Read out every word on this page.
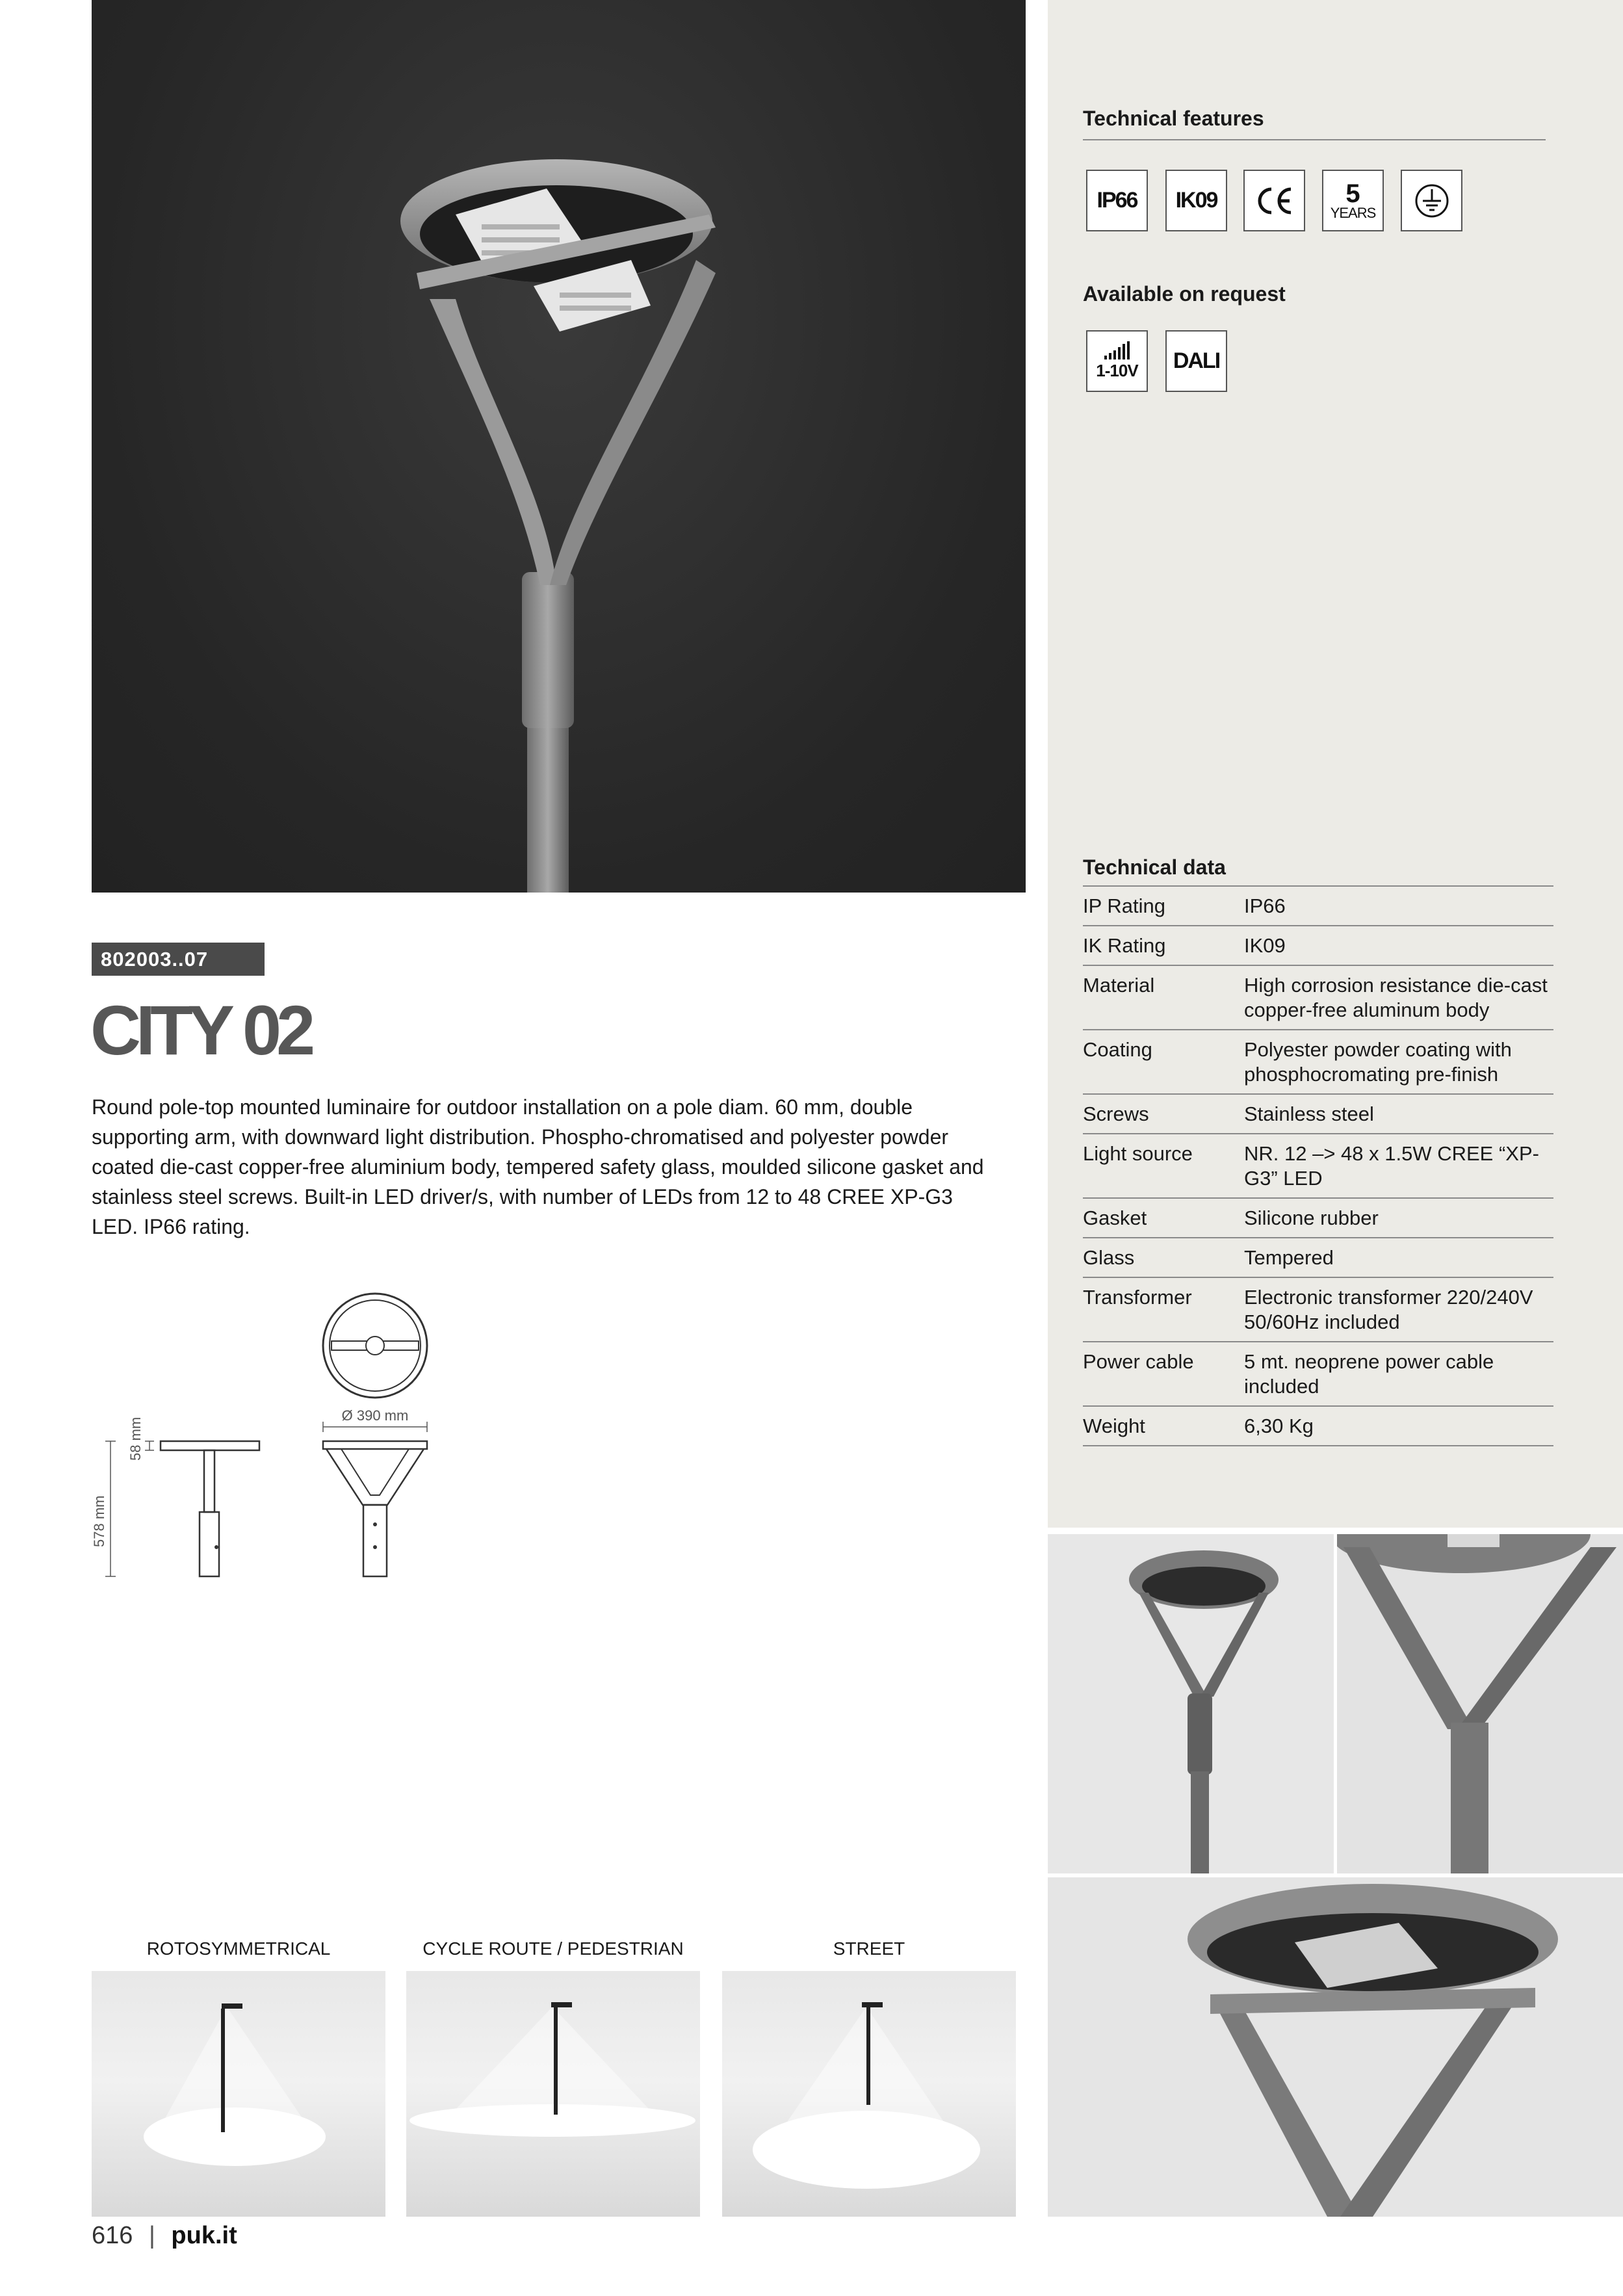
Technical features
IP66 IK09	5
YEARS
Available on request
1-10V DALI
Technical data
IP Rating	IP66
IK Rating	IK09
Material	High corrosion resistance die-cast copper-free aluminum body
Coating	Polyester powder coating with phosphocromating pre-finish
Screws	Stainless steel
Light source	NR. 12 –> 48 x 1.5W CREE “XP-G3” LED
Gasket	Silicone rubber
Glass	Tempered
Transformer	Electronic transformer 220/240V 50/60Hz included
Power cable	5 mt. neoprene power cable included
Weight	6,30 Kg
802003..07
CITY 02
Round pole-top mounted luminaire for outdoor installation on a pole diam. 60 mm, double supporting arm, with downward light distribution. Phospho-chromatised and polyester powder coated die-cast copper-free aluminium body, tempered safety glass, moulded silicone gasket and stainless steel screws. Built-in LED driver/s, with number of LEDs from 12 to 48 CREE XP-G3 LED. IP66 rating.
Ø 390 mm
58 mm
578 mm
ROTOSYMMETRICAL	CYCLE ROUTE / PEDESTRIAN	STREET
616 | puk.it
